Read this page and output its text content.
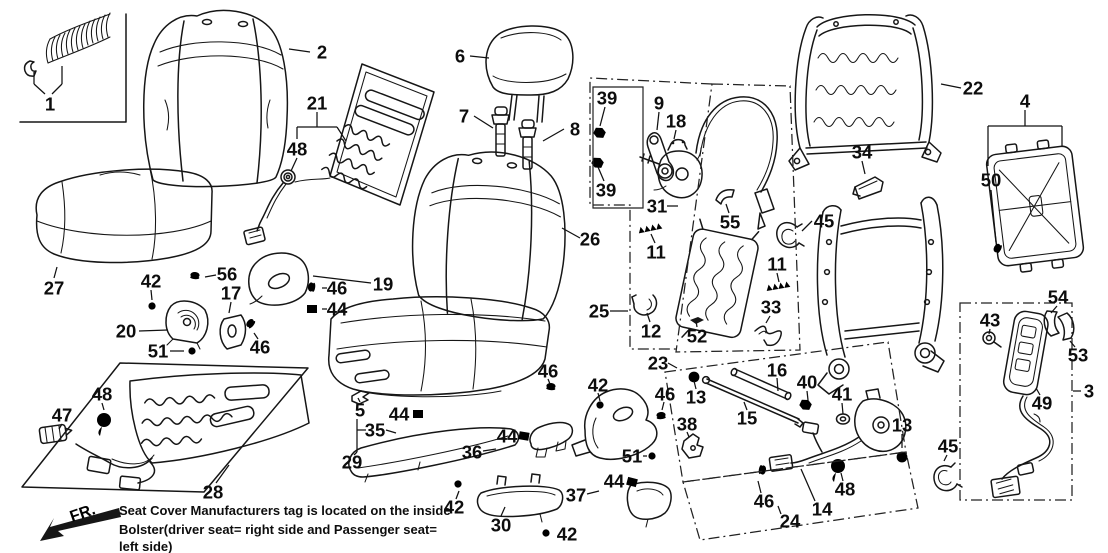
1
2
21
48
6
7
8
39
39
9
18
31
26
11
25
12
55	45
52
11
33
22
34
4
50
27	42	56
17
20
51	46
46
44
19
47
48
28
5
35
44
29	36
44
46
42
23
46
38
13
15
16
40
41
13
45
51
44
37
30
42
42
46
48
14
24
43
54
53
3
49
Seat Cover Manufacturers tag is located on the inside
Bolster(driver seat= right side and Passenger seat=
left side)
FR.
